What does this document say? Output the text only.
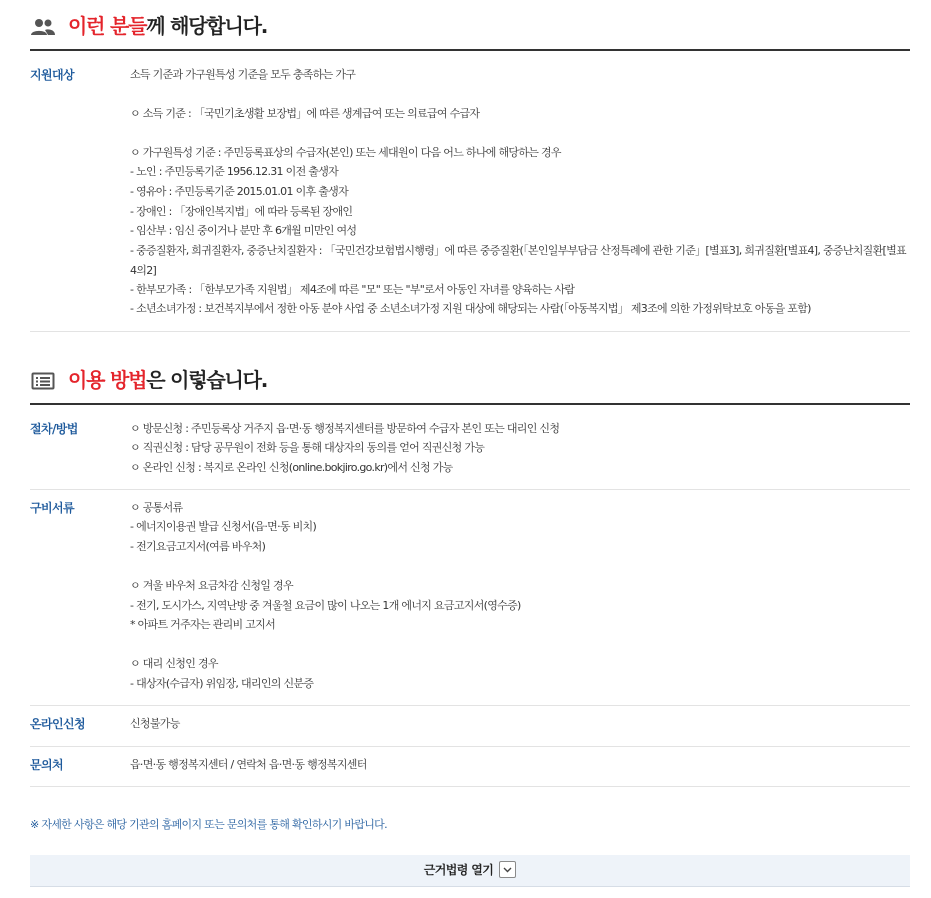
이런 분들께 해당합니다.
지원대상	소득 기준과 가구원특성 기준을 모두 충족하는 가구
ㅇ 소득 기준 : 「국민기초생활 보장법」에 따른 생계급여 또는 의료급여 수급자
ㅇ 가구원특성 기준 : 주민등록표상의 수급자(본인) 또는 세대원이 다음 어느 하나에 해당하는 경우
- 노인 : 주민등록기준 1956.12.31 이전 출생자
- 영유아 : 주민등록기준 2015.01.01 이후 출생자
- 장애인 : 「장애인복지법」에 따라 등록된 장애인
- 임산부 : 임신 중이거나 분만 후 6개월 미만인 여성
- 중증질환자, 희귀질환자, 중증난치질환자 : 「국민건강보험법시행령」에 따른 중증질환(「본인일부부담금 산정특례에 관한 기준」[별표3], 희귀질환[별표4], 중증난치질환[별표4의2]
- 한부모가족 : 「한부모가족 지원법」 제4조에 따른 "모" 또는 "부"로서 아동인 자녀를 양육하는 사람
- 소년소녀가정 : 보건복지부에서 정한 아동 분야 사업 중 소년소녀가정 지원 대상에 해당되는 사람(「아동복지법」 제3조에 의한 가정위탁보호 아동을 포함)
이용 방법은 이렇습니다.
절차/방법	ㅇ 방문신청 : 주민등록상 거주지 읍·면·동 행정복지센터를 방문하여 수급자 본인 또는 대리인 신청
ㅇ 직권신청 : 담당 공무원이 전화 등을 통해 대상자의 동의를 얻어 직권신청 가능
ㅇ 온라인 신청 : 복지로 온라인 신청(online.bokjiro.go.kr)에서 신청 가능
구비서류	ㅇ 공통서류
- 에너지이용권 발급 신청서(읍·면·동 비치)
- 전기요금고지서(여름 바우처)
ㅇ 겨울 바우처 요금차감 신청일 경우
- 전기, 도시가스, 지역난방 중 겨울철 요금이 많이 나오는 1개 에너지 요금고지서(영수증)
* 아파트 거주자는 관리비 고지서
ㅇ 대리 신청인 경우
- 대상자(수급자) 위임장, 대리인의 신분증
온라인신청	신청불가능
문의처	읍·면·동 행정복지센터 / 연락처 읍·면·동 행정복지센터
※ 자세한 사항은 해당 기관의 홈페이지 또는 문의처를 통해 확인하시기 바랍니다.
근거법령 열기
